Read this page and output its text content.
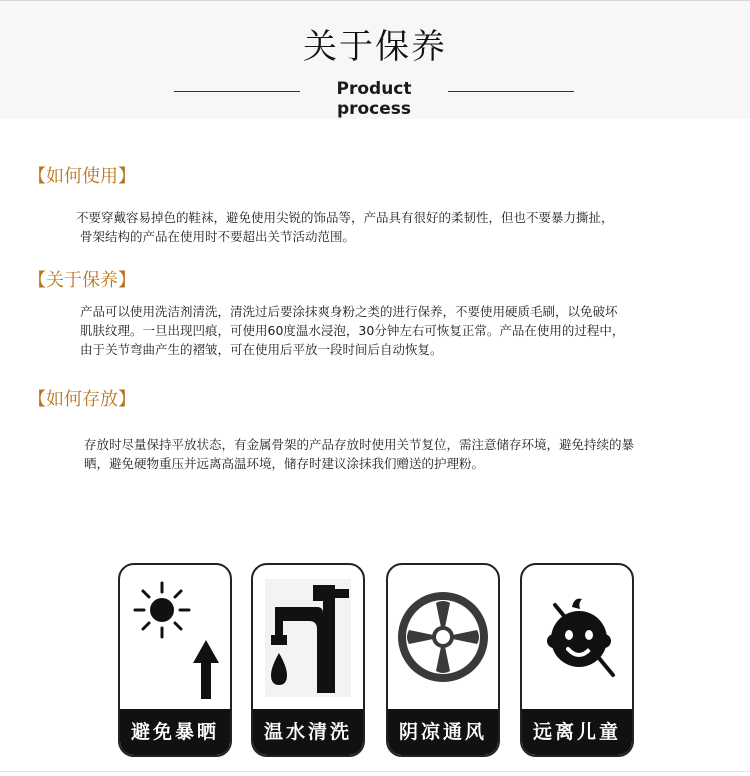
关于保养
Product process
【如何使用】

不要穿戴容易掉色的鞋袜，避免使用尖锐的饰品等，产品具有很好的柔韧性，但也不要暴力撕扯，

骨架结构的产品在使用时不要超出关节活动范围。

【关于保养】

产品可以使用洗洁剂清洗，清洗过后要涂抹爽身粉之类的进行保养，不要使用硬质毛刷，以免破坏

肌肤纹理。一旦出现凹痕，可使用60度温水浸泡，30分钟左右可恢复正常。产品在使用的过程中，

由于关节弯曲产生的褶皱，可在使用后平放一段时间后自动恢复。

【如何存放】

存放时尽量保持平放状态，有金属骨架的产品存放时使用关节复位，需注意储存环境，避免持续的暴

晒，避免硬物重压并远离高温环境，储存时建议涂抹我们赠送的护理粉。

避免暴晒	温水清洗	阴凉通风	远离儿童
